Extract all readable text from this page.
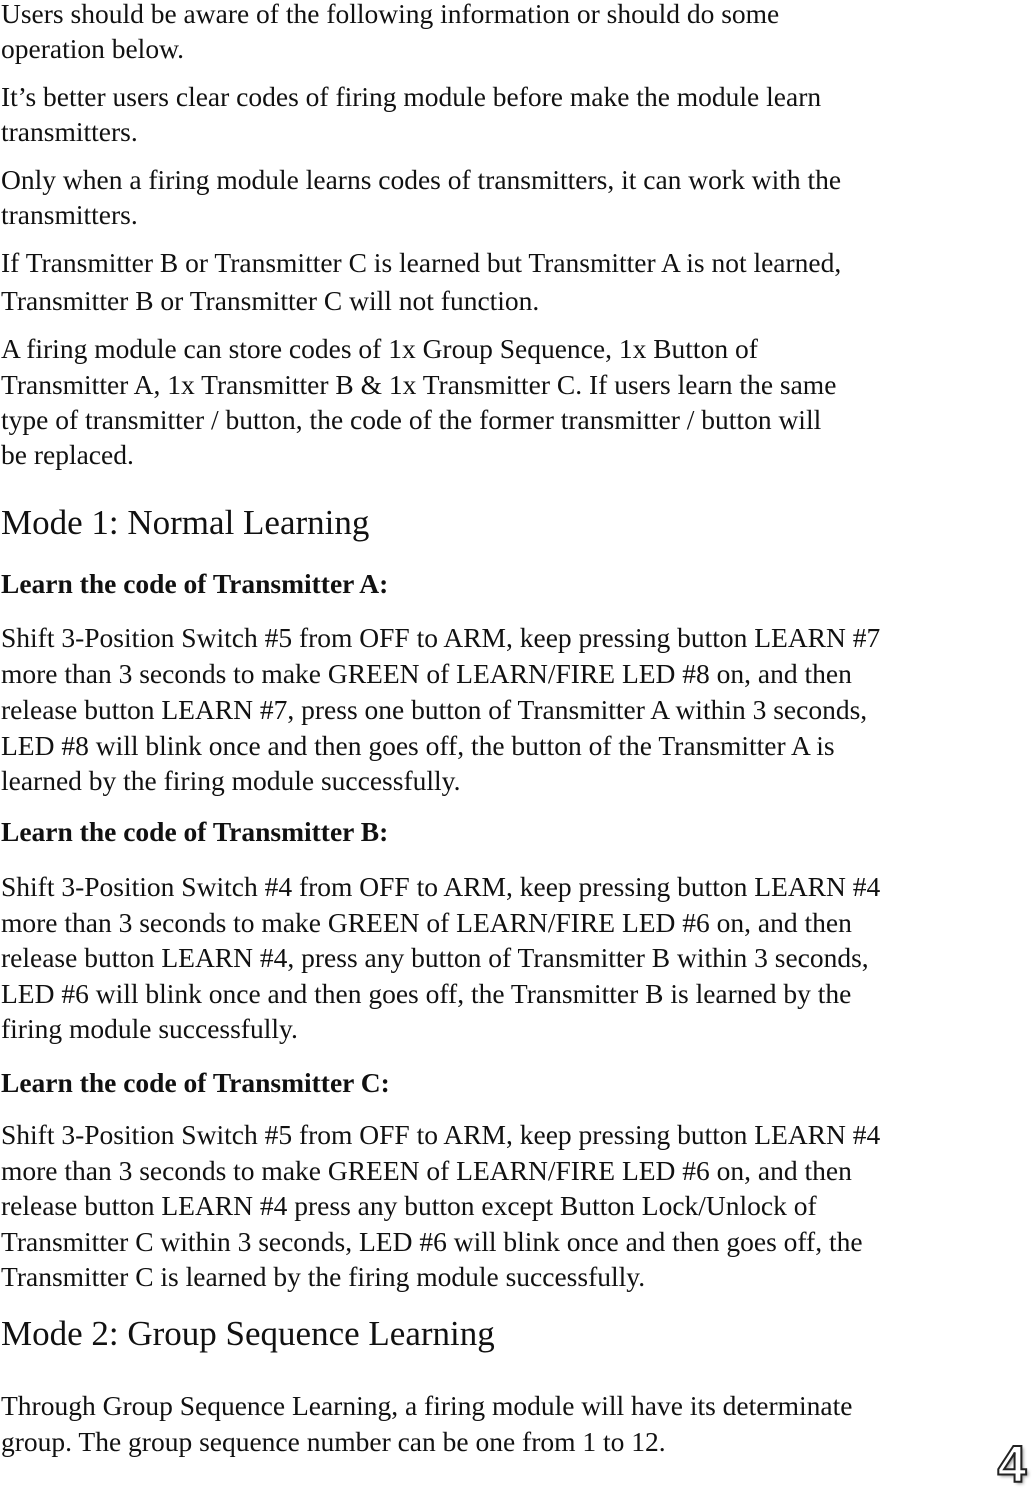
Users should be aware of the following information or should do some

operation below.

It’s better users clear codes of firing module before make the module learn

transmitters.

Only when a firing module learns codes of transmitters, it can work with the

transmitters.

If Transmitter B or Transmitter C is learned but Transmitter A is not learned,

Transmitter B or Transmitter C will not function.

A firing module can store codes of 1x Group Sequence, 1x Button of

Transmitter A, 1x Transmitter B & 1x Transmitter C. If users learn the same

type of transmitter / button, the code of the former transmitter / button will

be replaced.

Mode 1: Normal Learning
Learn the code of Transmitter A:

Shift 3-Position Switch #5 from OFF to ARM, keep pressing button LEARN #7

more than 3 seconds to make GREEN of LEARN/FIRE LED #8 on, and then

release button LEARN #7, press one button of Transmitter A within 3 seconds,

LED #8 will blink once and then goes off, the button of the Transmitter A is

learned by the firing module successfully.

Learn the code of Transmitter B:

Shift 3-Position Switch #4 from OFF to ARM, keep pressing button LEARN #4

more than 3 seconds to make GREEN of LEARN/FIRE LED #6 on, and then

release button LEARN #4, press any button of Transmitter B within 3 seconds,

LED #6 will blink once and then goes off, the Transmitter B is learned by the

firing module successfully.

Learn the code of Transmitter C:

Shift 3-Position Switch #5 from OFF to ARM, keep pressing button LEARN #4

more than 3 seconds to make GREEN of LEARN/FIRE LED #6 on, and then

release button LEARN #4 press any button except Button Lock/Unlock of

Transmitter C within 3 seconds, LED #6 will blink once and then goes off, the

Transmitter C is learned by the firing module successfully.

Mode 2: Group Sequence Learning

Through Group Sequence Learning, a firing module will have its determinate

group. The group sequence number can be one from 1 to 12.	4
